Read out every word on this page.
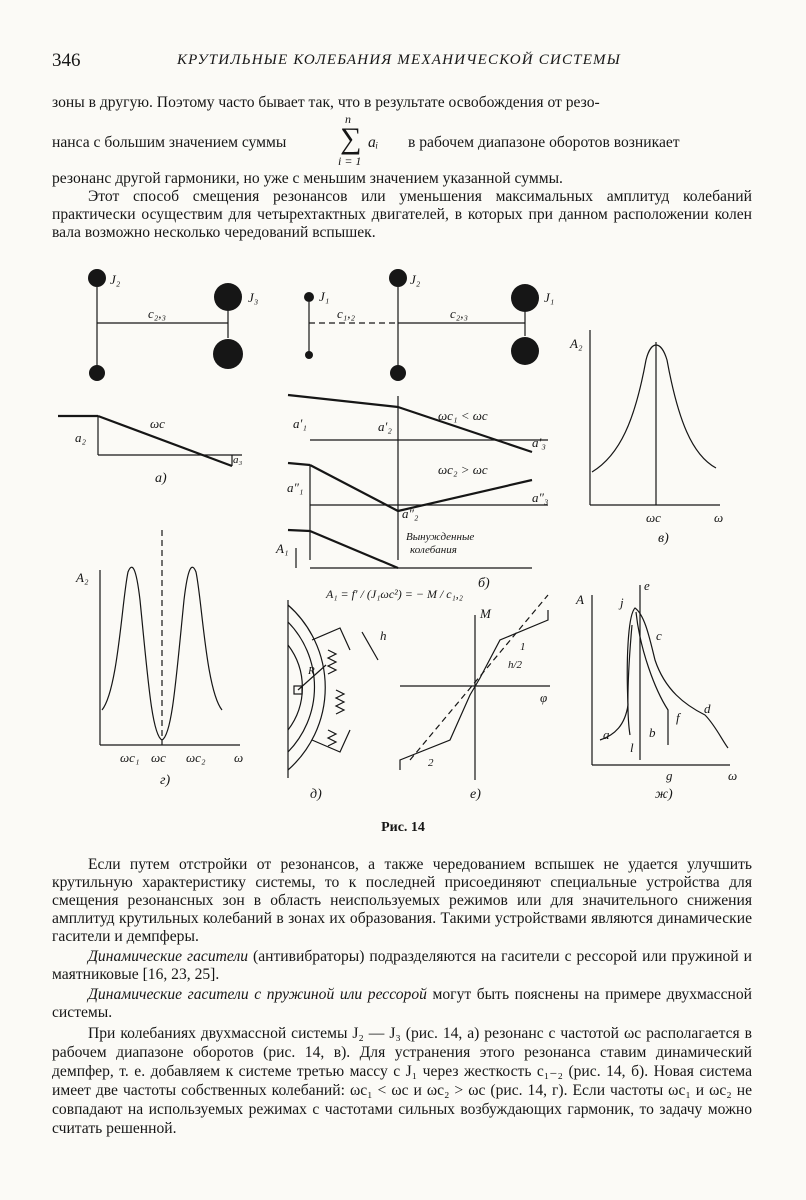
346	КРУТИЛЬНЫЕ КОЛЕБАНИЯ МЕХАНИЧЕСКОЙ СИСТЕМЫ

зоны в другую. Поэтому часто бывает так, что в результате освобождения от резо-

нанса с большим значением суммы
n
∑
i = 1
aᵢ в рабочем диапазоне оборотов возникает

резонанс другой гармоники, но уже с меньшим значением указанной суммы.

Этот способ смещения резонансов или уменьшения максимальных амплитуд колебаний практически осуществим для четырехтактных двигателей, в которых при данном расположении колен вала возможно несколько чередований вспышек.

J₂
J₃
c₂,₃
a₂
ωc
a₃
а)
J₁
J₂
J₁
c₁,₂	c₂,₃
a′₁	a′₂
a′₃
ωc₁ < ωc
a″₁
a″₂
a″₃
ωc₂ > ωc
A₁
Вынужденные
колебания
б)
A₂
ωc	ω
в)
A₂
ωc₁ ωc ωc₂ ω
г)
A₁ = f′ / (J₁ωc²) = − M / c₁,₂
h
R
д)
M
φ
h/2
1
2
е)
A	j
e
c
d
f
b
a
l
g	ω
ж)
Рис. 14

Если путем отстройки от резонансов, а также чередованием вспышек не удается улучшить крутильную характеристику системы, то к последней присоединяют специальные устройства для смещения резонансных зон в область неиспользуемых режимов или для значительного снижения амплитуд крутильных колебаний в зонах их образования. Такими устройствами являются динамические гасители и демпферы.

Динамические гасители (антивибраторы) подразделяются на гасители с рессорой или пружиной и маятниковые [16, 23, 25].

Динамические гасители с пружиной или рессорой могут быть пояснены на примере двухмассной системы.

При колебаниях двухмассной системы J₂ — J₃ (рис. 14, а) резонанс с частотой ωc располагается в рабочем диапазоне оборотов (рис. 14, в). Для устранения этого резонанса ставим динамический демпфер, т. е. добавляем к системе третью массу с J₁ через жесткость c₁₋₂ (рис. 14, б). Новая система имеет две частоты собственных колебаний: ωc₁ < ωc и ωc₂ > ωc (рис. 14, г). Если частоты ωc₁ и ωc₂ не совпадают на используемых режимах с частотами сильных возбуждающих гармоник, то задачу можно считать решенной.
